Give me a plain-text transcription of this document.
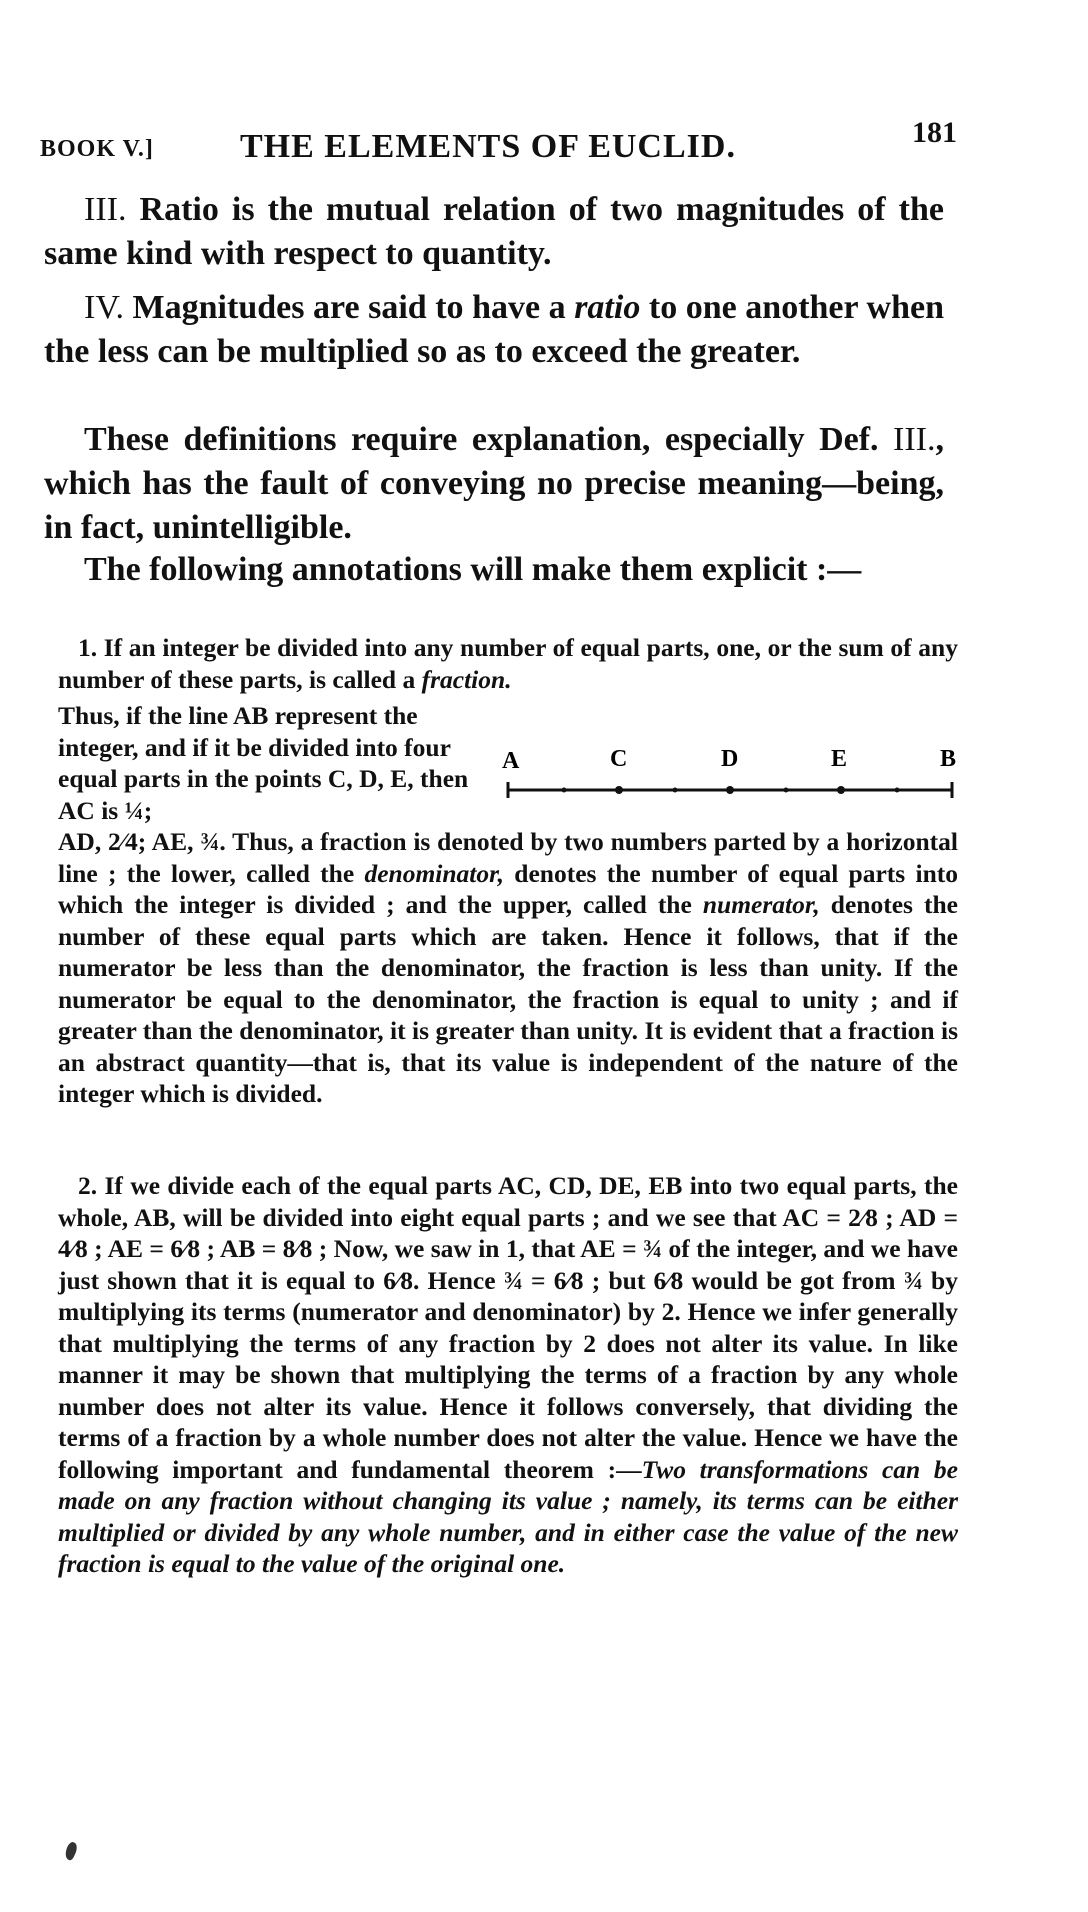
BOOK V.]	THE ELEMENTS OF EUCLID.	181
III. Ratio is the mutual relation of two magnitudes of the same kind with respect to quantity.
IV. Magnitudes are said to have a ratio to one another when the less can be multiplied so as to exceed the greater.
These definitions require explanation, especially Def. III., which has the fault of conveying no precise meaning—being, in fact, unintelligible.
The following annotations will make them explicit :—
1. If an integer be divided into any number of equal parts, one, or the sum of any number of these parts, is called a fraction.
Thus, if the line AB represent the integer, and if it be divided into four equal parts in the points C, D, E, then AC is ¼;
A	C	D	E	B
AD, 2⁄4; AE, ¾. Thus, a fraction is denoted by two numbers parted by a horizontal line ; the lower, called the denominator, denotes the number of equal parts into which the integer is divided ; and the upper, called the numerator, denotes the number of these equal parts which are taken. Hence it follows, that if the numerator be less than the denominator, the fraction is less than unity. If the numerator be equal to the denominator, the fraction is equal to unity ; and if greater than the denominator, it is greater than unity. It is evident that a fraction is an abstract quantity—that is, that its value is independent of the nature of the integer which is divided.
2. If we divide each of the equal parts AC, CD, DE, EB into two equal parts, the whole, AB, will be divided into eight equal parts ; and we see that AC = 2⁄8 ; AD = 4⁄8 ; AE = 6⁄8 ; AB = 8⁄8 ; Now, we saw in 1, that AE = ¾ of the integer, and we have just shown that it is equal to 6⁄8. Hence ¾ = 6⁄8 ; but 6⁄8 would be got from ¾ by multiplying its terms (numerator and denominator) by 2. Hence we infer generally that multiplying the terms of any fraction by 2 does not alter its value. In like manner it may be shown that multiplying the terms of a fraction by any whole number does not alter its value. Hence it follows conversely, that dividing the terms of a fraction by a whole number does not alter the value. Hence we have the following important and fundamental theorem :—Two transformations can be made on any fraction without changing its value ; namely, its terms can be either multiplied or divided by any whole number, and in either case the value of the new fraction is equal to the value of the original one.
